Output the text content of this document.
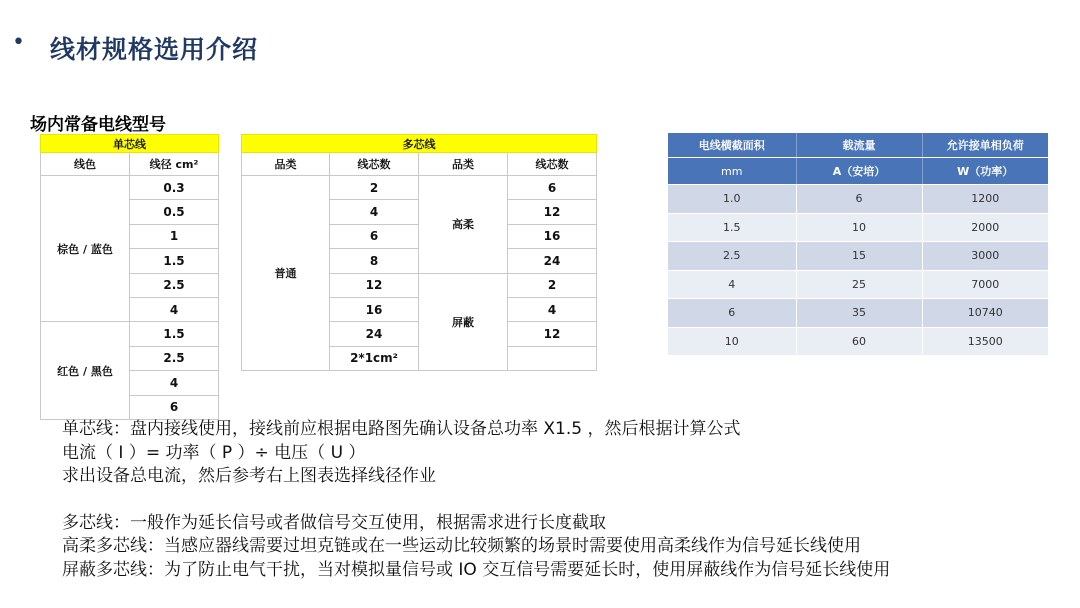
• 线材规格选用介绍
场内常备电线型号
单芯线	
线色	线径 cm²
棕色 / 蓝色	0.3
	0.5
	1
	1.5
	2.5
	4
红色 / 黑色	1.5
	2.5
	4
	6
多芯线			
品类	线芯数	品类	线芯数
普通	2	高柔	6
	4		12
	6		16
	8		24
	12	屏蔽	2
	16		4
	24		12
	2*1cm²		
电线横截面积	载流量	允许接单相负荷
mm	A（安培）	W（功率）
1.0	6	1200
1.5	10	2000
2.5	15	3000
4	25	7000
6	35	10740
10	60	13500

单芯线：盘内接线使用，接线前应根据电路图先确认设备总功率 X1.5 ，然后根据计算公式

电流（ I ）= 功率（ P ）÷ 电压（ U ）

求出设备总电流，然后参考右上图表选择线径作业

多芯线：一般作为延长信号或者做信号交互使用，根据需求进行长度截取

高柔多芯线：当感应器线需要过坦克链或在一些运动比较频繁的场景时需要使用高柔线作为信号延长线使用

屏蔽多芯线：为了防止电气干扰，当对模拟量信号或 IO 交互信号需要延长时，使用屏蔽线作为信号延长线使用
